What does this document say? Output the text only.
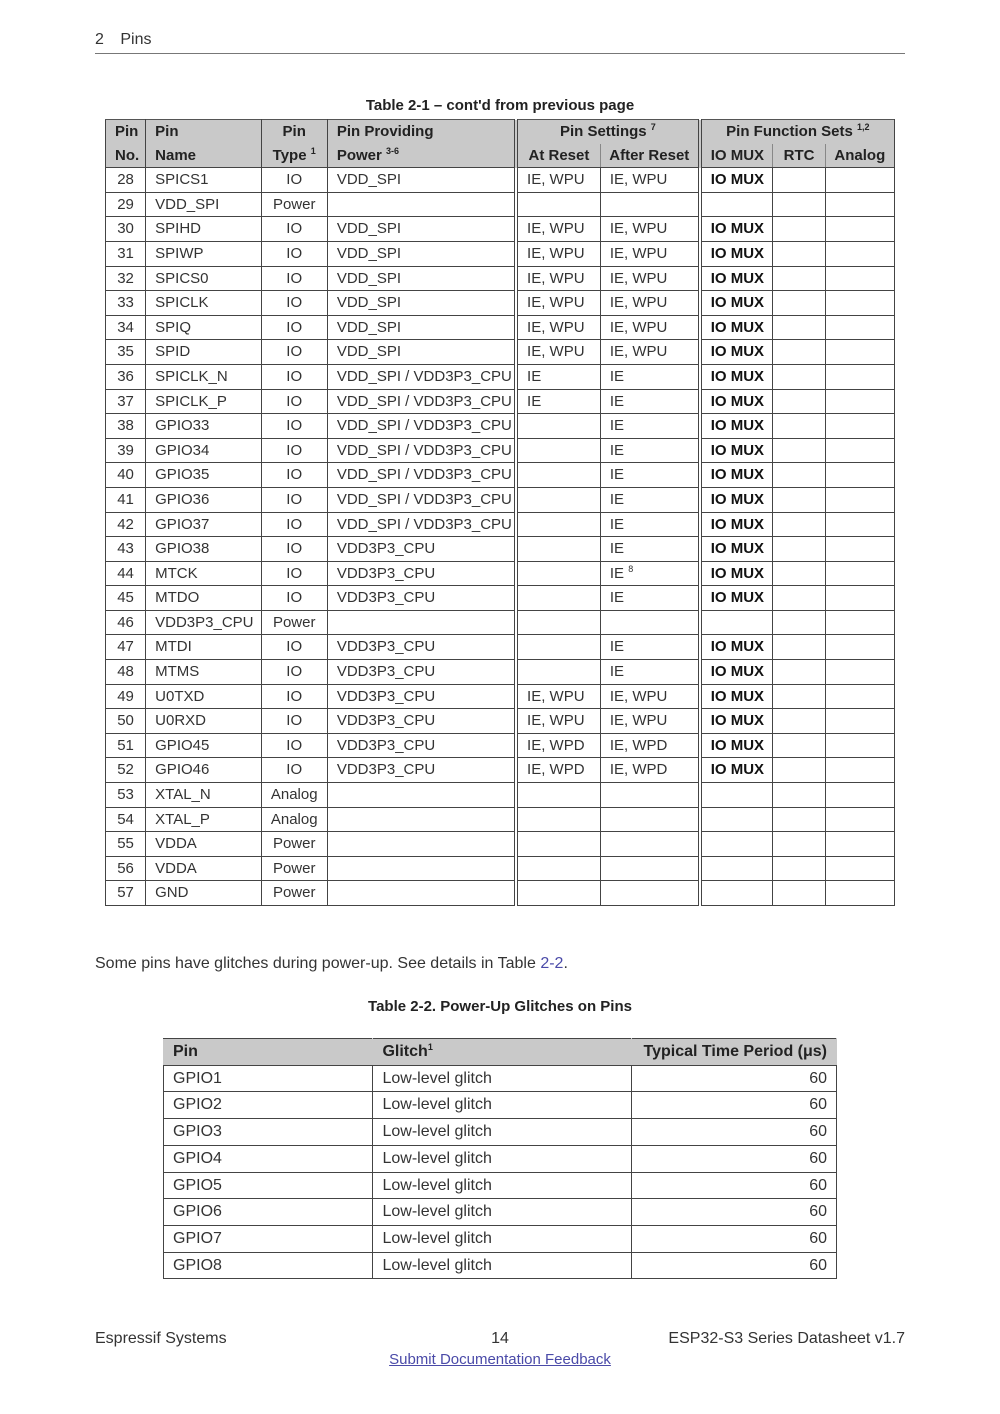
2 Pins
Table 2-1 – cont'd from previous page
Pin	Pin	Pin	Pin Providing	Pin Settings $^7$		Pin Function Sets $^{1,2}$
No.	Name	Type $^1$	Power $^{3-6}$	At Reset	After Reset	IO MUX	RTC	Analog
28	SPICS1	IO	VDD_SPI	IE, WPU	IE, WPU	IO MUX		
29	VDD_SPI	Power						
30	SPIHD	IO	VDD_SPI	IE, WPU	IE, WPU	IO MUX		
31	SPIWP	IO	VDD_SPI	IE, WPU	IE, WPU	IO MUX		
32	SPICS0	IO	VDD_SPI	IE, WPU	IE, WPU	IO MUX		
33	SPICLK	IO	VDD_SPI	IE, WPU	IE, WPU	IO MUX		
34	SPIQ	IO	VDD_SPI	IE, WPU	IE, WPU	IO MUX		
35	SPID	IO	VDD_SPI	IE, WPU	IE, WPU	IO MUX		
36	SPICLK_N	IO	VDD_SPI / VDD3P3_CPU	IE	IE	IO MUX		
37	SPICLK_P	IO	VDD_SPI / VDD3P3_CPU	IE	IE	IO MUX		
38	GPIO33	IO	VDD_SPI / VDD3P3_CPU		IE	IO MUX		
39	GPIO34	IO	VDD_SPI / VDD3P3_CPU		IE	IO MUX		
40	GPIO35	IO	VDD_SPI / VDD3P3_CPU		IE	IO MUX		
41	GPIO36	IO	VDD_SPI / VDD3P3_CPU		IE	IO MUX		
42	GPIO37	IO	VDD_SPI / VDD3P3_CPU		IE	IO MUX		
43	GPIO38	IO	VDD3P3_CPU		IE	IO MUX		
44	MTCK	IO	VDD3P3_CPU		IE $^8$	IO MUX		
45	MTDO	IO	VDD3P3_CPU		IE	IO MUX		
46	VDD3P3_CPU	Power						
47	MTDI	IO	VDD3P3_CPU		IE	IO MUX		
48	MTMS	IO	VDD3P3_CPU		IE	IO MUX		
49	U0TXD	IO	VDD3P3_CPU	IE, WPU	IE, WPU	IO MUX		
50	U0RXD	IO	VDD3P3_CPU	IE, WPU	IE, WPU	IO MUX		
51	GPIO45	IO	VDD3P3_CPU	IE, WPD	IE, WPD	IO MUX		
52	GPIO46	IO	VDD3P3_CPU	IE, WPD	IE, WPD	IO MUX		
53	XTAL_N	Analog						
54	XTAL_P	Analog						
55	VDDA	Power						
56	VDDA	Power						
57	GND	Power						
Some pins have glitches during power-up. See details in Table 2-2.
Table 2-2. Power-Up Glitches on Pins
Pin	Glitch$^1$	Typical Time Period (μs)
GPIO1	Low-level glitch	60
GPIO2	Low-level glitch	60
GPIO3	Low-level glitch	60
GPIO4	Low-level glitch	60
GPIO5	Low-level glitch	60
GPIO6	Low-level glitch	60
GPIO7	Low-level glitch	60
GPIO8	Low-level glitch	60
Espressif Systems	14	ESP32-S3 Series Datasheet v1.7
Submit Documentation Feedback
